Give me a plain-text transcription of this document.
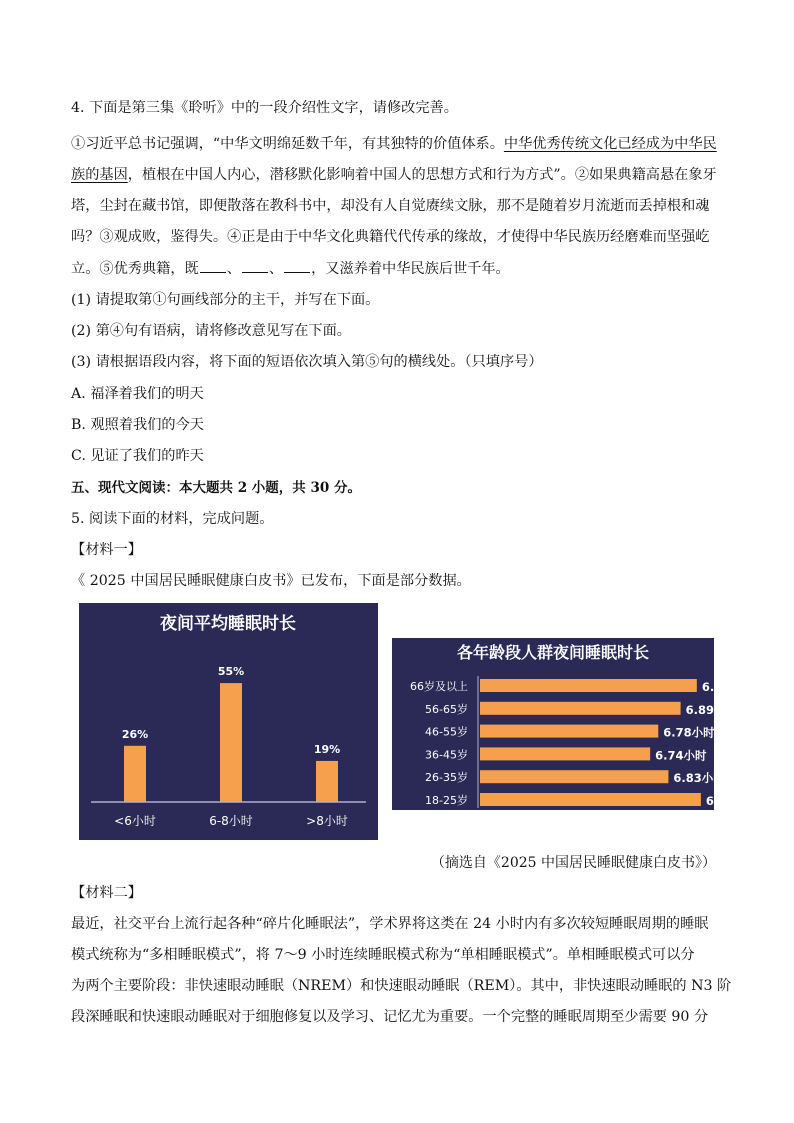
4. 下面是第三集《聆听》中的一段介绍性文字，请修改完善。
①习近平总书记强调，“中华文明绵延数千年，有其独特的价值体系。中华优秀传统文化已经成为中华民
族的基因，植根在中国人内心，潜移默化影响着中国人的思想方式和行为方式”。②如果典籍高悬在象牙
塔，尘封在藏书馆，即便散落在教科书中，却没有人自觉赓续文脉，那不是随着岁月流逝而丢掉根和魂
吗？③观成败，鉴得失。④正是由于中华文化典籍代代传承的缘故，才使得中华民族历经磨难而坚强屹
立。⑤优秀典籍，既 、 、 ，又滋养着中华民族后世千年。
(1) 请提取第①句画线部分的主干，并写在下面。
(2) 第④句有语病，请将修改意见写在下面。
(3) 请根据语段内容，将下面的短语依次填入第⑤句的横线处。（只填序号）
A. 福泽着我们的明天
B. 观照着我们的今天
C. 见证了我们的昨天
五、现代文阅读：本大题共 2 小题，共 30 分。
5. 阅读下面的材料，完成问题。
【材料一】
《 2025 中国居民睡眠健康白皮书》已发布，下面是部分数据。
夜间平均睡眠时长
26%
<6小时
55%
6-8小时
19%
>8小时
各年龄段人群夜间睡眠时长
66岁及以上	6.97小时
56-65岁	6.89小时
46-55岁	6.78小时
36-45岁	6.74小时
26-35岁	6.83小时
18-25岁	6.99小时
（摘选自《2025 中国居民睡眠健康白皮书》）
【材料二】
最近，社交平台上流行起各种“碎片化睡眠法”，学术界将这类在 24 小时内有多次较短睡眠周期的睡眠
模式统称为“多相睡眠模式”，将 7～9 小时连续睡眠模式称为“单相睡眠模式”。单相睡眠模式可以分
为两个主要阶段：非快速眼动睡眠（NREM）和快速眼动睡眠（REM）。其中，非快速眼动睡眠的 N3 阶
段深睡眠和快速眼动睡眠对于细胞修复以及学习、记忆尤为重要。一个完整的睡眠周期至少需要 90 分
